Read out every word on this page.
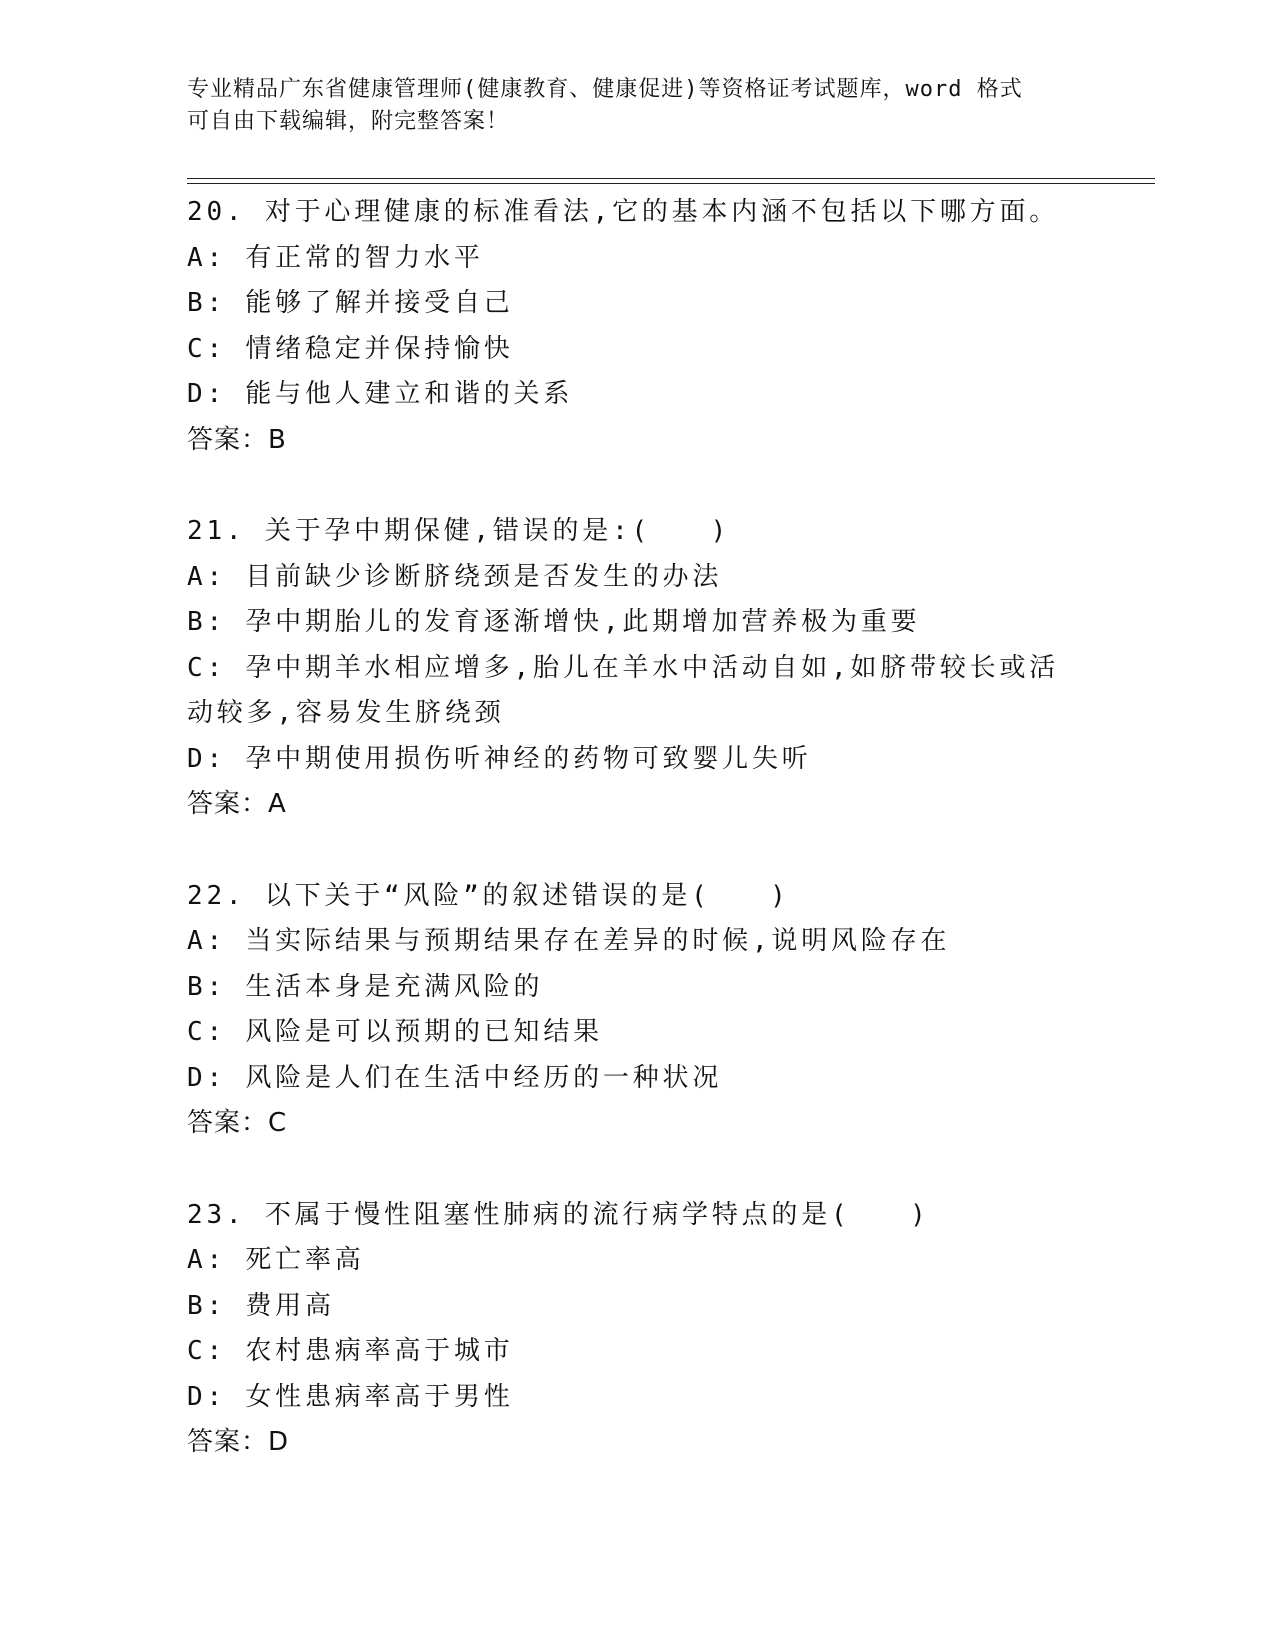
专业精品广东省健康管理师(健康教育、健康促进)等资格证考试题库，word 格式
可自由下载编辑，附完整答案！
20. 对于心理健康的标准看法,它的基本内涵不包括以下哪方面。
A: 有正常的智力水平
B: 能够了解并接受自己
C: 情绪稳定并保持愉快
D: 能与他人建立和谐的关系
答案：B
21. 关于孕中期保健,错误的是:(　　)
A: 目前缺少诊断脐绕颈是否发生的办法
B: 孕中期胎儿的发育逐渐增快,此期增加营养极为重要
C: 孕中期羊水相应增多,胎儿在羊水中活动自如,如脐带较长或活动较多,容易发生脐绕颈
D: 孕中期使用损伤听神经的药物可致婴儿失听
答案：A
22. 以下关于“风险”的叙述错误的是(　　)
A: 当实际结果与预期结果存在差异的时候,说明风险存在
B: 生活本身是充满风险的
C: 风险是可以预期的已知结果
D: 风险是人们在生活中经历的一种状况
答案：C
23. 不属于慢性阻塞性肺病的流行病学特点的是(　　)
A: 死亡率高
B: 费用高
C: 农村患病率高于城市
D: 女性患病率高于男性
答案：D
